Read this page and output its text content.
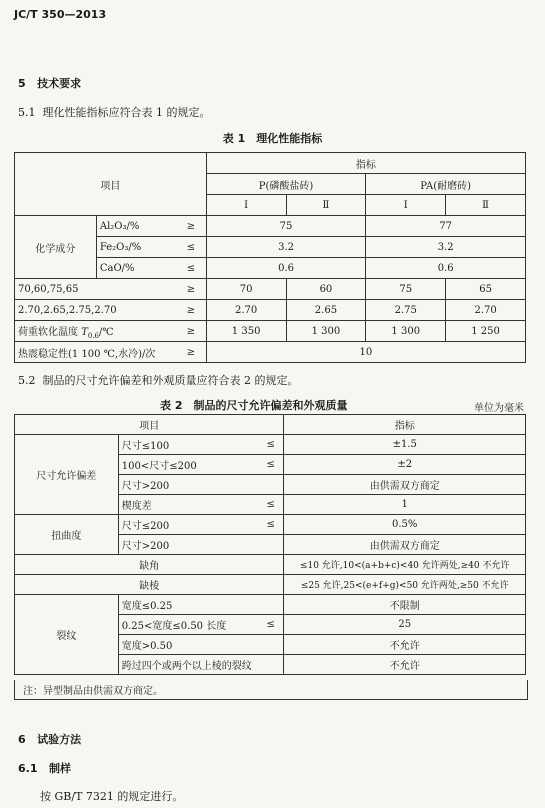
JC/T 350—2013
5 技术要求
5.1 理化性能指标应符合表 1 的规定。
表 1　理化性能指标
项目			指标			
			P(磷酸盐砖)		PA(耐磨砖)	
			Ⅰ	Ⅱ	Ⅰ	Ⅱ
化学成分	Al₂O₃/%	≥	75		77	
	Fe₂O₃/%	≤	3.2		3.2	
	CaO/%	≤	0.6		0.6	
70,60,75,65		≥	70	60	75	65
2.70,2.65,2.75,2.70		≥	2.70	2.65	2.75	2.70
荷重软化温度 $T_{0.6}/℃$		≥	1 350	1 300	1 300	1 250
热震稳定性(1 100 ℃,水冷)/次		≥	10			
5.2 制品的尺寸允许偏差和外观质量应符合表 2 的规定。
表 2　制品的尺寸允许偏差和外观质量	单位为毫米
项目			指标
尺寸允许偏差	尺寸≤100	≤	±1.5
	100<尺寸≤200	≤	±2
	尺寸>200		由供需双方商定
	楔度差	≤	1
扭曲度	尺寸≤200	≤	0.5%
	尺寸>200		由供需双方商定
缺角			≤10 允许,10<(a+b+c)<40 允许两处,≥40 不允许
缺棱			≤25 允许,25<(e+f+g)<50 允许两处,≥50 不允许
裂纹	宽度≤0.25		不限制
	0.25<宽度≤0.50 长度	≤	25
	宽度>0.50		不允许
	跨过四个或两个以上棱的裂纹		不允许
注：异型制品由供需双方商定。
6 试验方法
6.1 制样
按 GB/T 7321 的规定进行。
